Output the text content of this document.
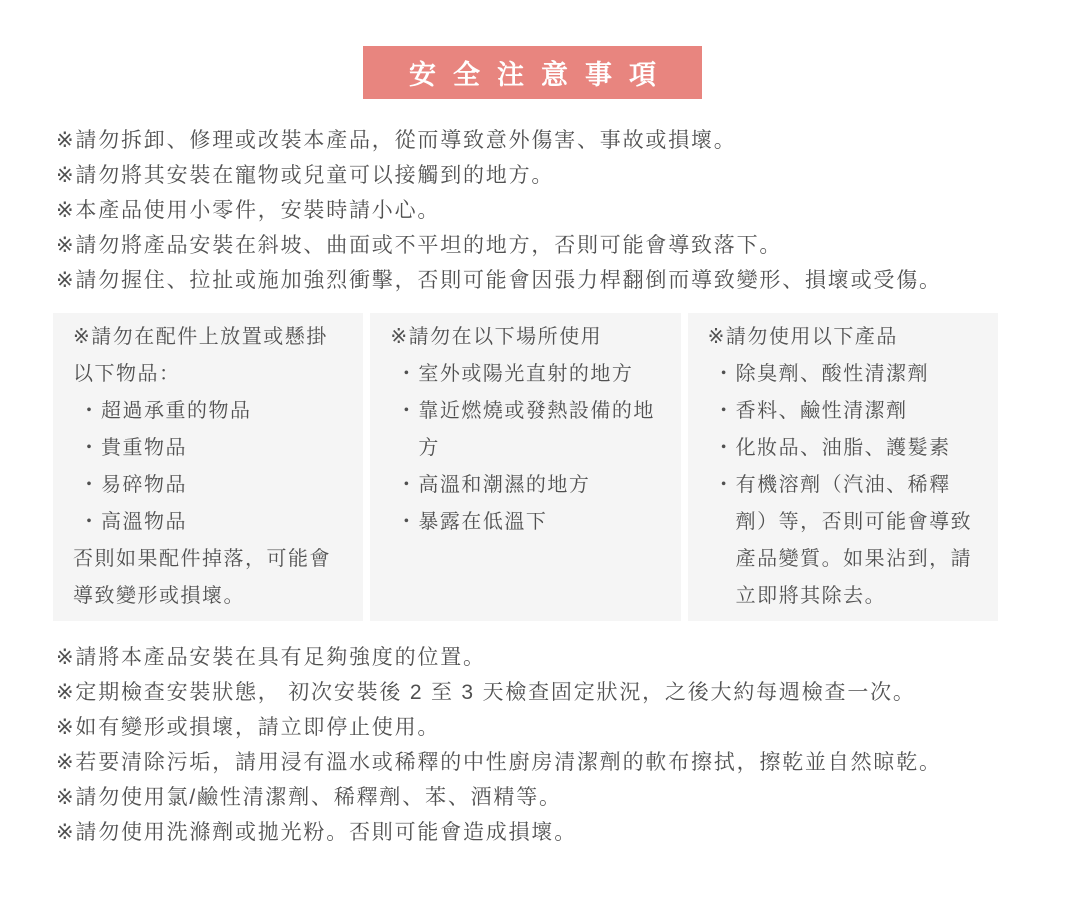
安全注意事項
※請勿拆卸、修理或改裝本產品，從而導致意外傷害、事故或損壞。
※請勿將其安裝在寵物或兒童可以接觸到的地方。
※本產品使用小零件，安裝時請小心。
※請勿將產品安裝在斜坡、曲面或不平坦的地方，否則可能會導致落下。
※請勿握住、拉扯或施加強烈衝擊，否則可能會因張力桿翻倒而導致變形、損壞或受傷。
※請勿在配件上放置或懸掛以下物品：
・ 超過承重的物品
・ 貴重物品
・ 易碎物品
・ 高溫物品
否則如果配件掉落，可能會導致變形或損壞。
※請勿在以下場所使用
・ 室外或陽光直射的地方
・ 靠近燃燒或發熱設備的地方
・ 高溫和潮濕的地方
・ 暴露在低溫下
※請勿使用以下產品
・ 除臭劑、酸性清潔劑
・ 香料、鹼性清潔劑
・ 化妝品、油脂、護髮素
・ 有機溶劑（汽油、稀釋劑）等，否則可能會導致產品變質。如果沾到，請立即將其除去。
※請將本產品安裝在具有足夠強度的位置。
※定期檢查安裝狀態， 初次安裝後 2 至 3 天檢查固定狀況，之後大約每週檢查一次。
※如有變形或損壞，請立即停止使用。
※若要清除污垢，請用浸有溫水或稀釋的中性廚房清潔劑的軟布擦拭，擦乾並自然晾乾。
※請勿使用氯/鹼性清潔劑、稀釋劑、苯、酒精等。
※請勿使用洗滌劑或拋光粉。否則可能會造成損壞。
